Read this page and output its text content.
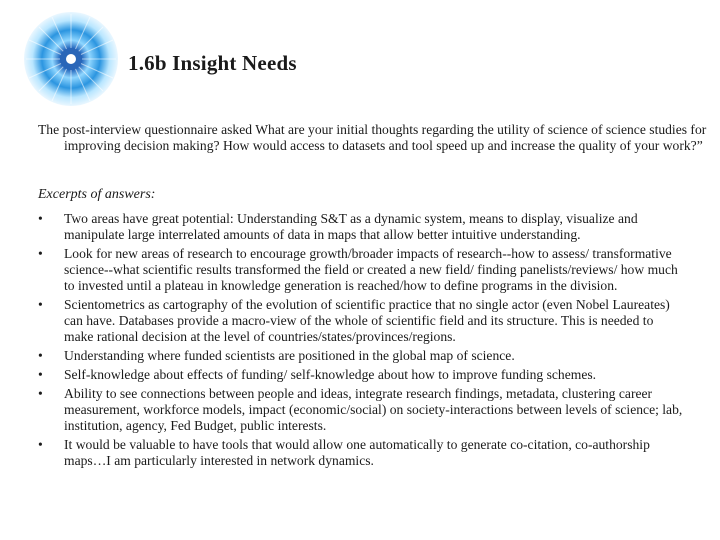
1.6b Insight Needs
The post-interview questionnaire asked What are your initial thoughts regarding the utility of science of science studies for improving decision making? How would access to datasets and tool speed up and increase the quality of your work?”
Excerpts of answers:
•	Two areas have great potential: Understanding S&T as a dynamic system, means to display, visualize and manipulate large interrelated amounts of data in maps that allow better intuitive understanding.
•	Look for new areas of research to encourage growth/broader impacts of research--how to assess/ transformative science--what scientific results transformed the field or created a new field/ finding panelists/reviews/ how much to invested until a plateau in knowledge generation is reached/how to define programs in the division.
•	Scientometrics as cartography of the evolution of scientific practice that no single actor (even Nobel Laureates) can have. Databases provide a macro-view of the whole of scientific field and its structure. This is needed to make rational decision at the level of countries/states/provinces/regions.
•	Understanding where funded scientists are positioned in the global map of science.
•	Self-knowledge about effects of funding/ self-knowledge about how to improve funding schemes.
•	Ability to see connections between people and ideas, integrate research findings, metadata, clustering career measurement, workforce models, impact (economic/social) on society-interactions between levels of science; lab, institution, agency, Fed Budget, public interests.
•	It would be valuable to have tools that would allow one automatically to generate co-citation, co-authorship maps…I am particularly interested in network dynamics.
